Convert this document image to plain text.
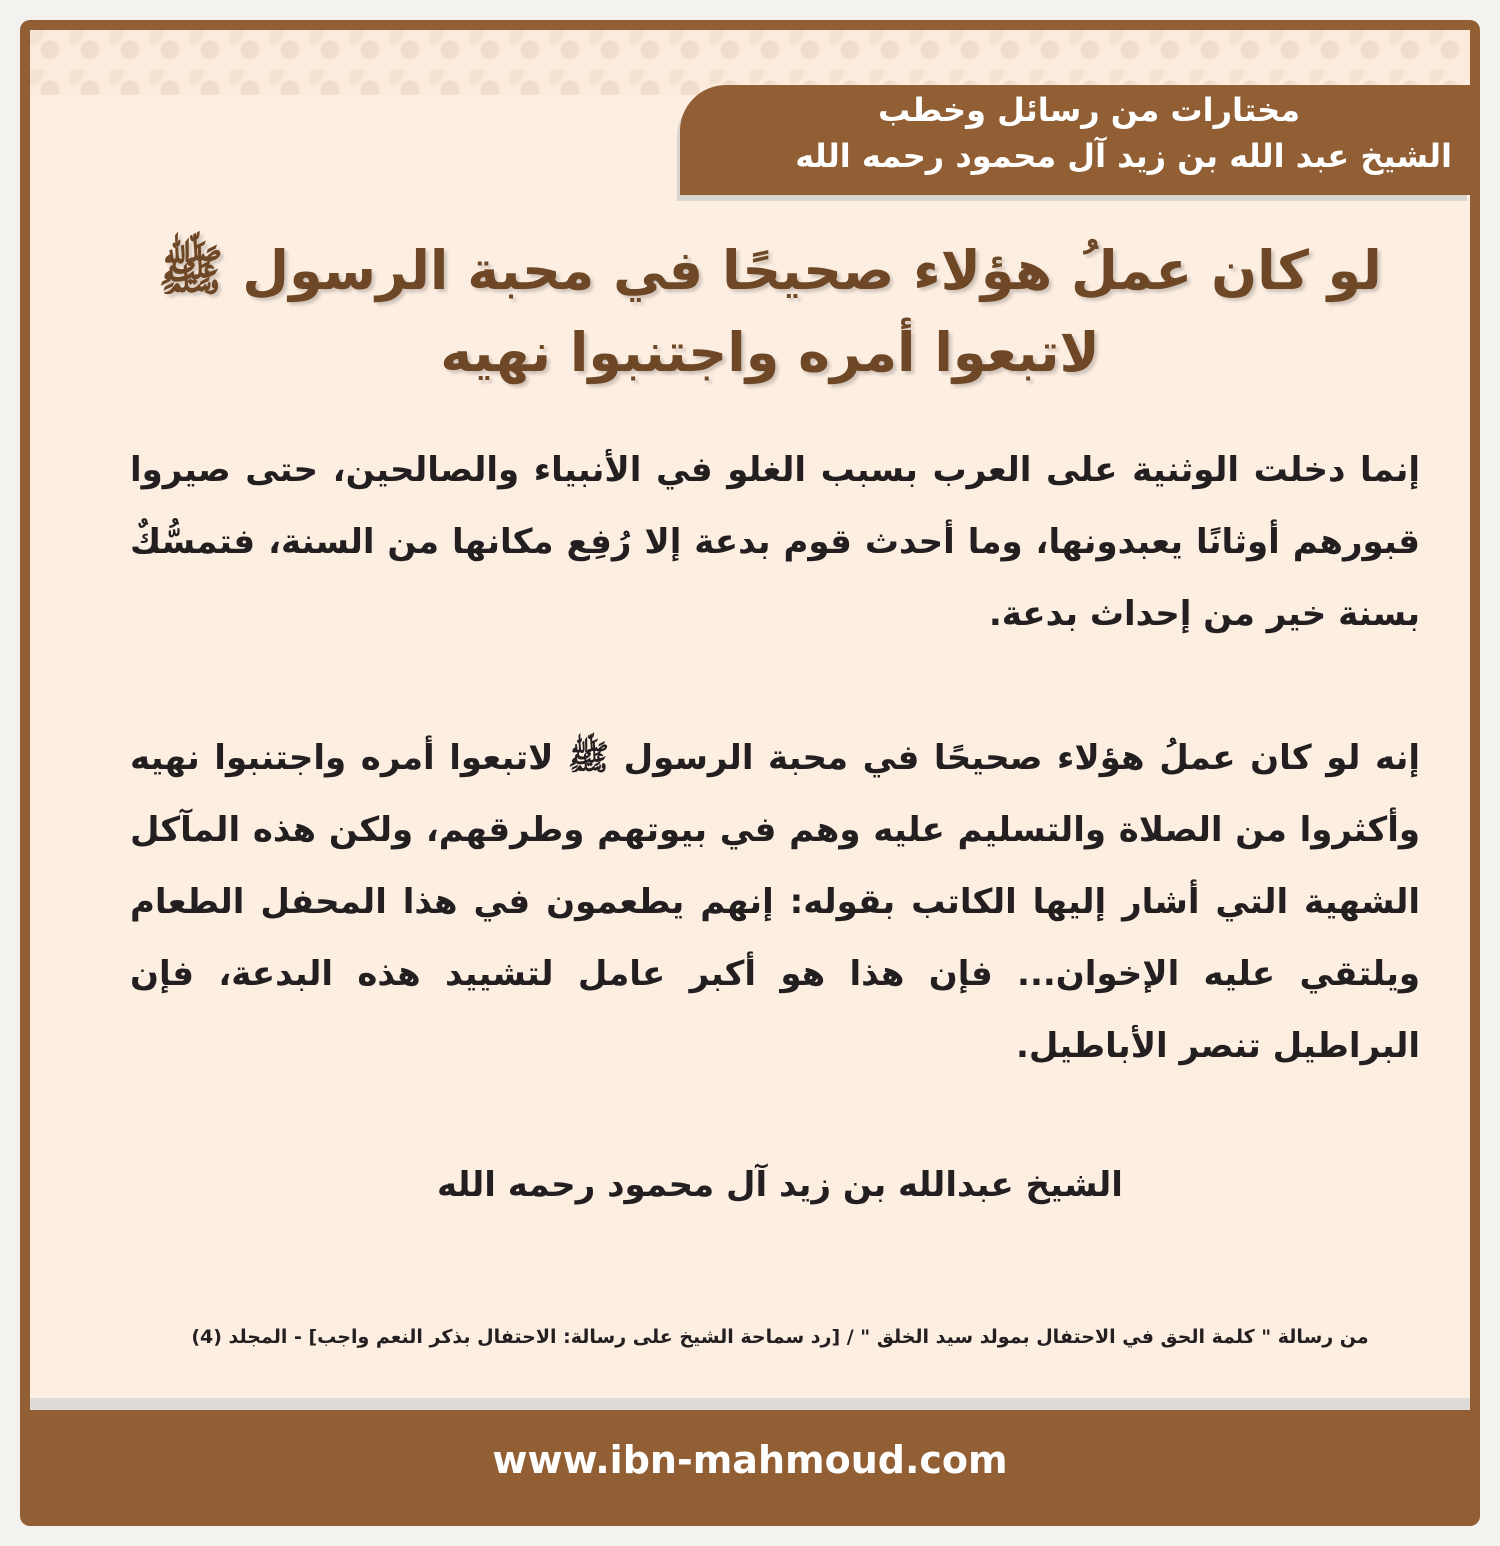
مختارات من رسائل وخطب
الشيخ عبد الله بن زيد آل محمود رحمه الله
لو كان عملُ هؤلاء صحيحًا في محبة الرسول ﷺ لاتبعوا أمره واجتنبوا نهيه
إنما دخلت الوثنية على العرب بسبب الغلو في الأنبياء والصالحين، حتى صيروا قبورهم أوثانًا يعبدونها، وما أحدث قوم بدعة إلا رُفِع مكانها من السنة، فتمسُّكٌ بسنة خير من إحداث بدعة.
إنه لو كان عملُ هؤلاء صحيحًا في محبة الرسول ﷺ لاتبعوا أمره واجتنبوا نهيه وأكثروا من الصلاة والتسليم عليه وهم في بيوتهم وطرقهم، ولكن هذه المآكل الشهية التي أشار إليها الكاتب بقوله: إنهم يطعمون في هذا المحفل الطعام ويلتقي عليه الإخوان... فإن هذا هو أكبر عامل لتشييد هذه البدعة، فإن البراطيل تنصر الأباطيل.
الشيخ عبدالله بن زيد آل محمود رحمه الله
من رسالة " كلمة الحق في الاحتفال بمولد سيد الخلق " / [رد سماحة الشيخ على رسالة: الاحتفال بذكر النعم واجب] - المجلد (4)
www.ibn-mahmoud.com
